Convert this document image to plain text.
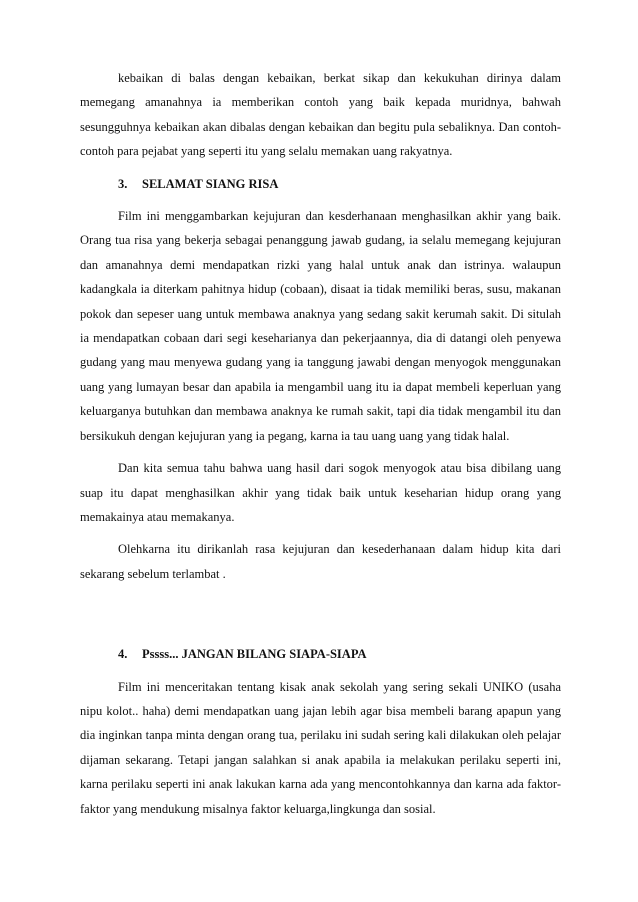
kebaikan di balas dengan kebaikan, berkat sikap dan kekukuhan dirinya dalam memegang amanahnya ia memberikan contoh yang baik kepada muridnya, bahwah sesungguhnya kebaikan akan dibalas dengan kebaikan dan begitu pula sebaliknya. Dan contoh-contoh para pejabat yang seperti itu yang selalu memakan uang rakyatnya.

3. SELAMAT SIANG RISA

Film ini menggambarkan kejujuran dan kesderhanaan menghasilkan akhir yang baik. Orang tua risa yang bekerja sebagai penanggung jawab gudang, ia selalu memegang kejujuran dan amanahnya demi mendapatkan rizki yang halal untuk anak dan istrinya. walaupun kadangkala ia diterkam pahitnya hidup (cobaan), disaat ia tidak memiliki beras, susu, makanan pokok dan sepeser uang untuk membawa anaknya yang sedang sakit kerumah sakit. Di situlah ia mendapatkan cobaan dari segi keseharianya dan pekerjaannya, dia di datangi oleh penyewa gudang yang mau menyewa gudang yang ia tanggung jawabi dengan menyogok menggunakan uang yang lumayan besar dan apabila ia mengambil uang itu ia dapat membeli keperluan yang keluarganya butuhkan dan membawa anaknya ke rumah sakit, tapi dia tidak mengambil itu dan bersikukuh dengan kejujuran yang ia pegang, karna ia tau uang uang yang tidak halal.

Dan kita semua tahu bahwa uang hasil dari sogok menyogok atau bisa dibilang uang suap itu dapat menghasilkan akhir yang tidak baik untuk keseharian hidup orang yang memakainya atau memakanya.

Olehkarna itu dirikanlah rasa kejujuran dan kesederhanaan dalam hidup kita dari sekarang sebelum terlambat .

4. Pssss... JANGAN BILANG SIAPA-SIAPA

Film ini menceritakan tentang kisak anak sekolah yang sering sekali UNIKO (usaha nipu kolot.. haha) demi mendapatkan uang jajan lebih agar bisa membeli barang apapun yang dia inginkan tanpa minta dengan orang tua, perilaku ini sudah sering kali dilakukan oleh pelajar dijaman sekarang. Tetapi jangan salahkan si anak apabila ia melakukan perilaku seperti ini, karna perilaku seperti ini anak lakukan karna ada yang mencontohkannya dan karna ada faktor-faktor yang mendukung misalnya faktor keluarga,lingkunga dan sosial.
